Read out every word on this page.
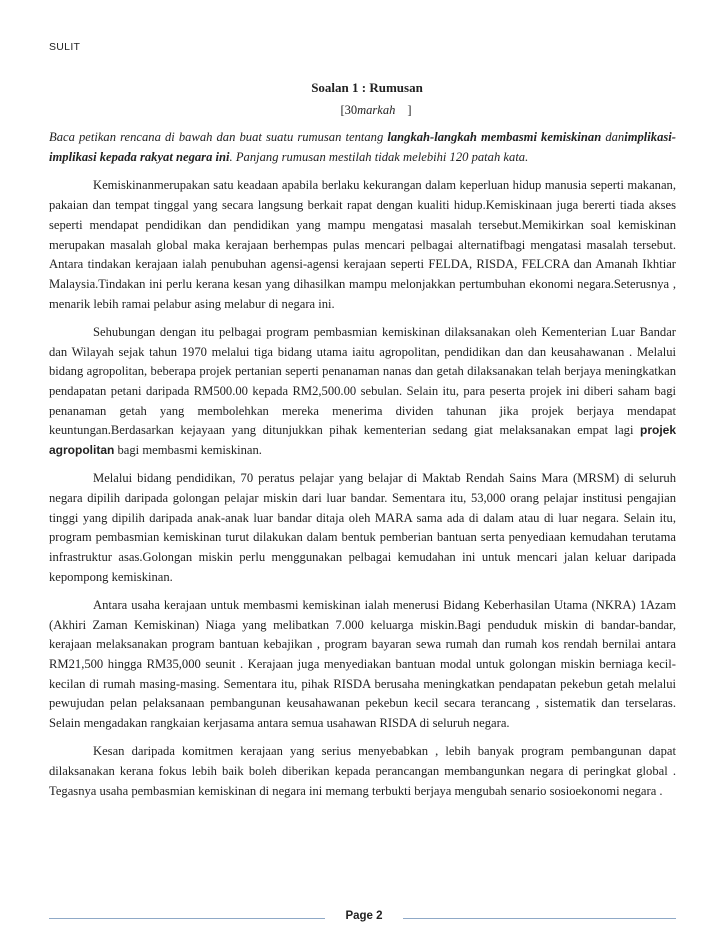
SULIT
Soalan 1 : Rumusan
[30markah]

Baca petikan rencana di bawah dan buat suatu rumusan tentang langkah-langkah membasmi kemiskinan danimplikasi-implikasi kepada rakyat negara ini. Panjang rumusan mestilah tidak melebihi 120 patah kata.

Kemiskinanmerupakan satu keadaan apabila berlaku kekurangan dalam keperluan hidup manusia seperti makanan, pakaian dan tempat tinggal yang secara langsung berkait rapat dengan kualiti hidup.Kemiskinaan juga bererti tiada akses seperti mendapat pendidikan dan pendidikan yang mampu mengatasi masalah tersebut.Memikirkan soal kemiskinan merupakan masalah global maka kerajaan berhempas pulas mencari pelbagai alternatifbagi mengatasi masalah tersebut. Antara tindakan kerajaan ialah penubuhan agensi-agensi kerajaan seperti FELDA, RISDA, FELCRA dan Amanah Ikhtiar Malaysia.Tindakan ini perlu kerana kesan yang dihasilkan mampu melonjakkan pertumbuhan ekonomi negara.Seterusnya , menarik lebih ramai pelabur asing melabur di negara ini.

Sehubungan dengan itu pelbagai program pembasmian kemiskinan dilaksanakan oleh Kementerian Luar Bandar dan Wilayah sejak tahun 1970 melalui tiga bidang utama iaitu agropolitan, pendidikan dan dan keusahawanan . Melalui bidang agropolitan, beberapa projek pertanian seperti penanaman nanas dan getah dilaksanakan telah berjaya meningkatkan pendapatan petani daripada RM500.00 kepada RM2,500.00 sebulan. Selain itu, para peserta projek ini diberi saham bagi penanaman getah yang membolehkan mereka menerima dividen tahunan jika projek berjaya mendapat keuntungan.Berdasarkan kejayaan yang ditunjukkan pihak kementerian sedang giat melaksanakan empat lagi projek agropolitan bagi membasmi kemiskinan.

Melalui bidang pendidikan, 70 peratus pelajar yang belajar di Maktab Rendah Sains Mara (MRSM) di seluruh negara dipilih daripada golongan pelajar miskin dari luar bandar. Sementara itu, 53,000 orang pelajar institusi pengajian tinggi yang dipilih daripada anak-anak luar bandar ditaja oleh MARA sama ada di dalam atau di luar negara. Selain itu, program pembasmian kemiskinan turut dilakukan dalam bentuk pemberian bantuan serta penyediaan kemudahan terutama infrastruktur asas.Golongan miskin perlu menggunakan pelbagai kemudahan ini untuk mencari jalan keluar daripada kepompong kemiskinan.

Antara usaha kerajaan untuk membasmi kemiskinan ialah menerusi Bidang Keberhasilan Utama (NKRA) 1Azam (Akhiri Zaman Kemiskinan) Niaga yang melibatkan 7.000 keluarga miskin.Bagi penduduk miskin di bandar-bandar, kerajaan melaksanakan program bantuan kebajikan , program bayaran sewa rumah dan rumah kos rendah bernilai antara RM21,500 hingga RM35,000 seunit . Kerajaan juga menyediakan bantuan modal untuk golongan miskin berniaga kecil-kecilan di rumah masing-masing. Sementara itu, pihak RISDA berusaha meningkatkan pendapatan pekebun getah melalui pewujudan pelan pelaksanaan pembangunan keusahawanan pekebun kecil secara terancang , sistematik dan terselaras. Selain mengadakan rangkaian kerjasama antara semua usahawan RISDA di seluruh negara.

Kesan daripada komitmen kerajaan yang serius menyebabkan , lebih banyak program pembangunan dapat dilaksanakan kerana fokus lebih baik boleh diberikan kepada perancangan membangunkan negara di peringkat global . Tegasnya usaha pembasmian kemiskinan di negara ini memang terbukti berjaya mengubah senario sosioekonomi negara .

Page 2
